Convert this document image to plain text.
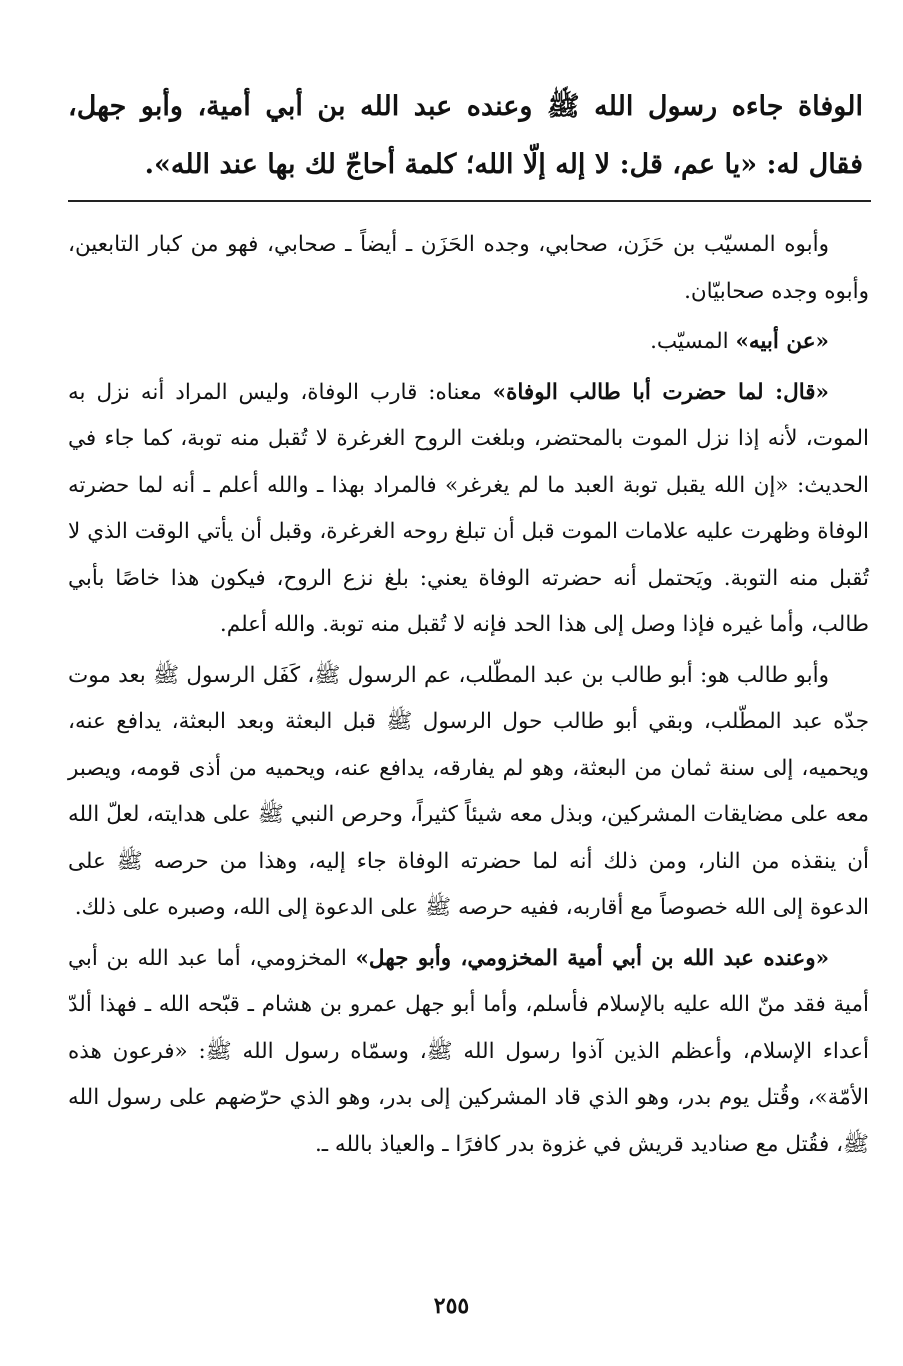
الوفاة جاءه رسول الله ﷺ وعنده عبد الله بن أبي أمية، وأبو جهل، فقال له: «يا عم، قل: لا إله إلّا الله؛ كلمة أحاجّ لك بها عند الله».

وأبوه المسيّب بن حَزَن، صحابي، وجده الحَزَن ـ أيضاً ـ صحابي، فهو من كبار التابعين، وأبوه وجده صحابيّان.

«عن أبيه» المسيّب.

«قال: لما حضرت أبا طالب الوفاة» معناه: قارب الوفاة، وليس المراد أنه نزل به الموت، لأنه إذا نزل الموت بالمحتضر، وبلغت الروح الغرغرة لا تُقبل منه توبة، كما جاء في الحديث: «إن الله يقبل توبة العبد ما لم يغرغر» فالمراد بهذا ـ والله أعلم ـ أنه لما حضرته الوفاة وظهرت عليه علامات الموت قبل أن تبلغ روحه الغرغرة، وقبل أن يأتي الوقت الذي لا تُقبل منه التوبة. ويَحتمل أنه حضرته الوفاة يعني: بلغ نزع الروح، فيكون هذا خاصًا بأبي طالب، وأما غيره فإذا وصل إلى هذا الحد فإنه لا تُقبل منه توبة. والله أعلم.

وأبو طالب هو: أبو طالب بن عبد المطّلب، عم الرسول ﷺ، كَفَل الرسول ﷺ بعد موت جدّه عبد المطّلب، وبقي أبو طالب حول الرسول ﷺ قبل البعثة وبعد البعثة، يدافع عنه، ويحميه، إلى سنة ثمان من البعثة، وهو لم يفارقه، يدافع عنه، ويحميه من أذى قومه، ويصبر معه على مضايقات المشركين، وبذل معه شيئاً كثيراً، وحرص النبي ﷺ على هدايته، لعلّ الله أن ينقذه من النار، ومن ذلك أنه لما حضرته الوفاة جاء إليه، وهذا من حرصه ﷺ على الدعوة إلى الله خصوصاً مع أقاربه، ففيه حرصه ﷺ على الدعوة إلى الله، وصبره على ذلك.

«وعنده عبد الله بن أبي أمية المخزومي، وأبو جهل» المخزومي، أما عبد الله بن أبي أمية فقد منّ الله عليه بالإسلام فأسلم، وأما أبو جهل عمرو بن هشام ـ قبّحه الله ـ فهذا ألدّ أعداء الإسلام، وأعظم الذين آذوا رسول الله ﷺ، وسمّاه رسول الله ﷺ: «فرعون هذه الأمّة»، وقُتل يوم بدر، وهو الذي قاد المشركين إلى بدر، وهو الذي حرّضهم على رسول الله ﷺ، فقُتل مع صناديد قريش في غزوة بدر كافرًا ـ والعياذ بالله ـ.

٢٥٥
